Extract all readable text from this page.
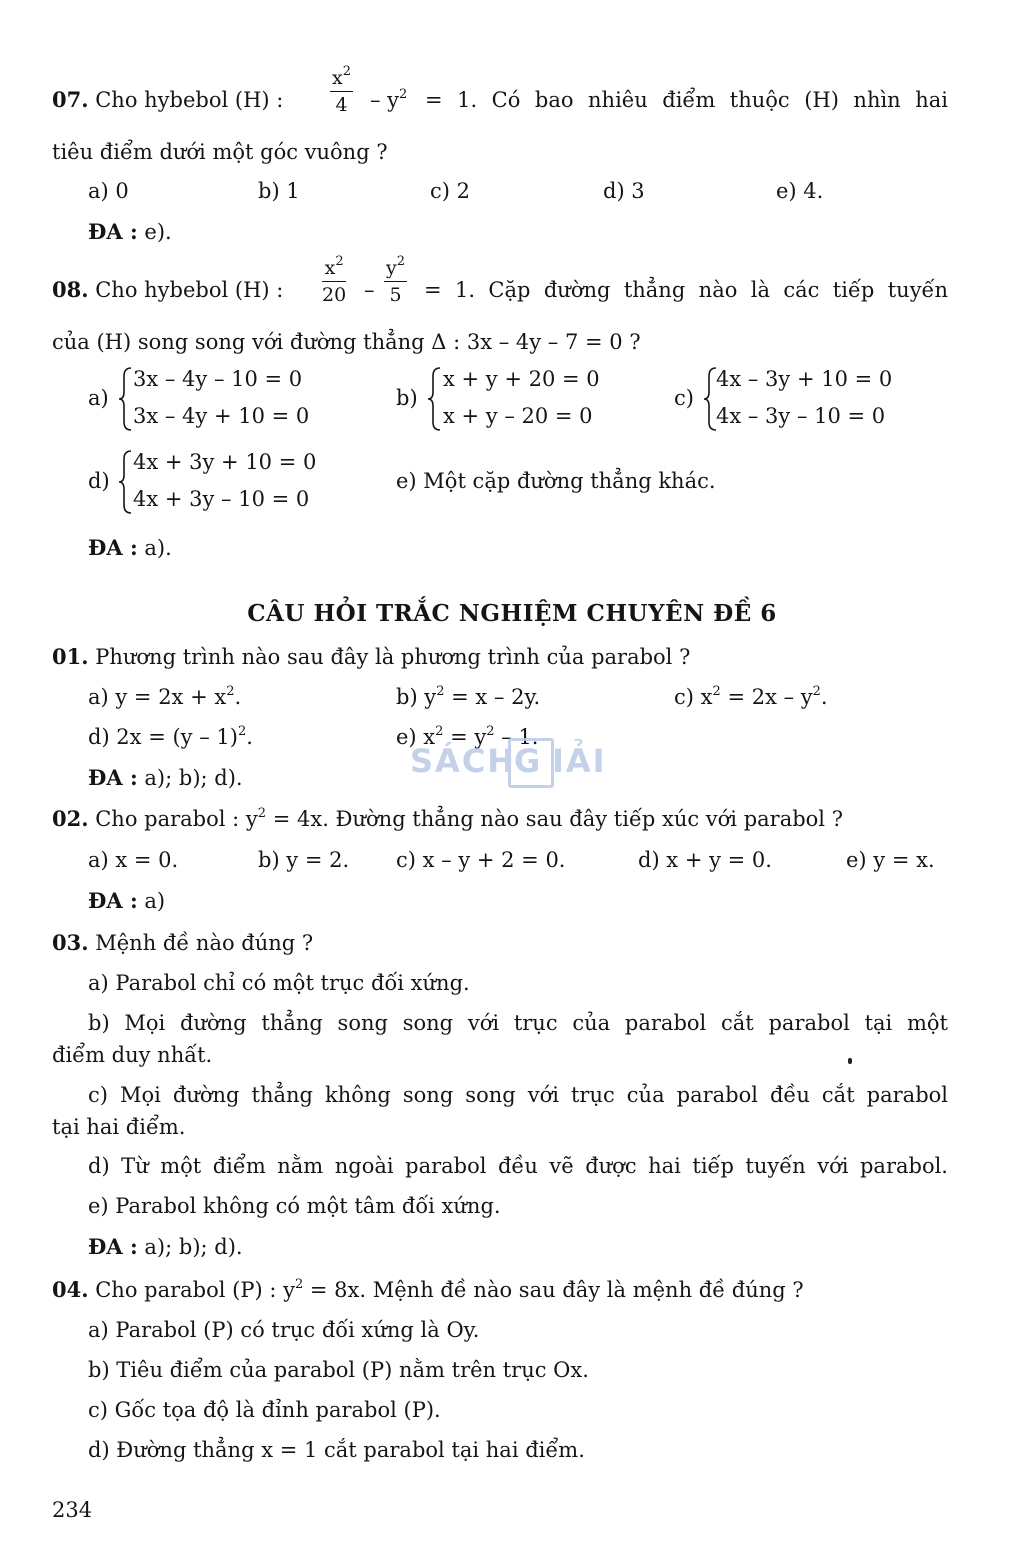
07. Cho hybebol (H) :
$x^2$
$4 - y^2 = 1$. Có bao nhiêu điểm thuộc (H) nhìn hai
tiêu điểm dưới một góc vuông ?
a) 0	b) 1	c) 2	d) 3	e) 4.
ĐA : e).
08. Cho hybebol (H) :
$x^2$
20 –
$y^2$
5 = 1. Cặp đường thẳng nào là các tiếp tuyến
của (H) song song với đường thẳng Δ : 3x – 4y – 7 = 0 ?
a)
3x – 4y – 10 = 0
3x – 4y + 10 = 0
b)
x + y + 20 = 0
x + y – 20 = 0
c)
4x – 3y + 10 = 0
4x – 3y – 10 = 0
d)
4x + 3y + 10 = 0
4x + 3y – 10 = 0
e) Một cặp đường thẳng khác.
ĐA : a).
CÂU HỎI TRẮC NGHIỆM CHUYÊN ĐỀ 6
01. Phương trình nào sau đây là phương trình của parabol ?
a) $y = 2x + x^2$.	b) $y^2 = x - 2y$.	c) $x^2 = 2x - y^2$.
d) 2x = (y – 1)$^2$.	e) $x^2 = y^2 - 1$.
ĐA : a); b); d).	SÁCH
G IẢI
02. Cho parabol : $y^2 = 4x$. Đường thẳng nào sau đây tiếp xúc với parabol ?
a) x = 0.	b) y = 2. c) x – y + 2 = 0.	d) x + y = 0.	e) y = x.
ĐA : a)
03. Mệnh đề nào đúng ?
a) Parabol chỉ có một trục đối xứng.
b) Mọi đường thẳng song song với trục của parabol cắt parabol tại một
điểm duy nhất.
c) Mọi đường thẳng không song song với trục của parabol đều cắt parabol
tại hai điểm.
d) Từ một điểm nằm ngoài parabol đều vẽ được hai tiếp tuyến với parabol.
e) Parabol không có một tâm đối xứng.
ĐA : a); b); d).
04. Cho parabol (P) : $y^2 = 8x$. Mệnh đề nào sau đây là mệnh đề đúng ?
a) Parabol (P) có trục đối xứng là Oy.
b) Tiêu điểm của parabol (P) nằm trên trục Ox.
c) Gốc tọa độ là đỉnh parabol (P).
d) Đường thẳng x = 1 cắt parabol tại hai điểm.
234
